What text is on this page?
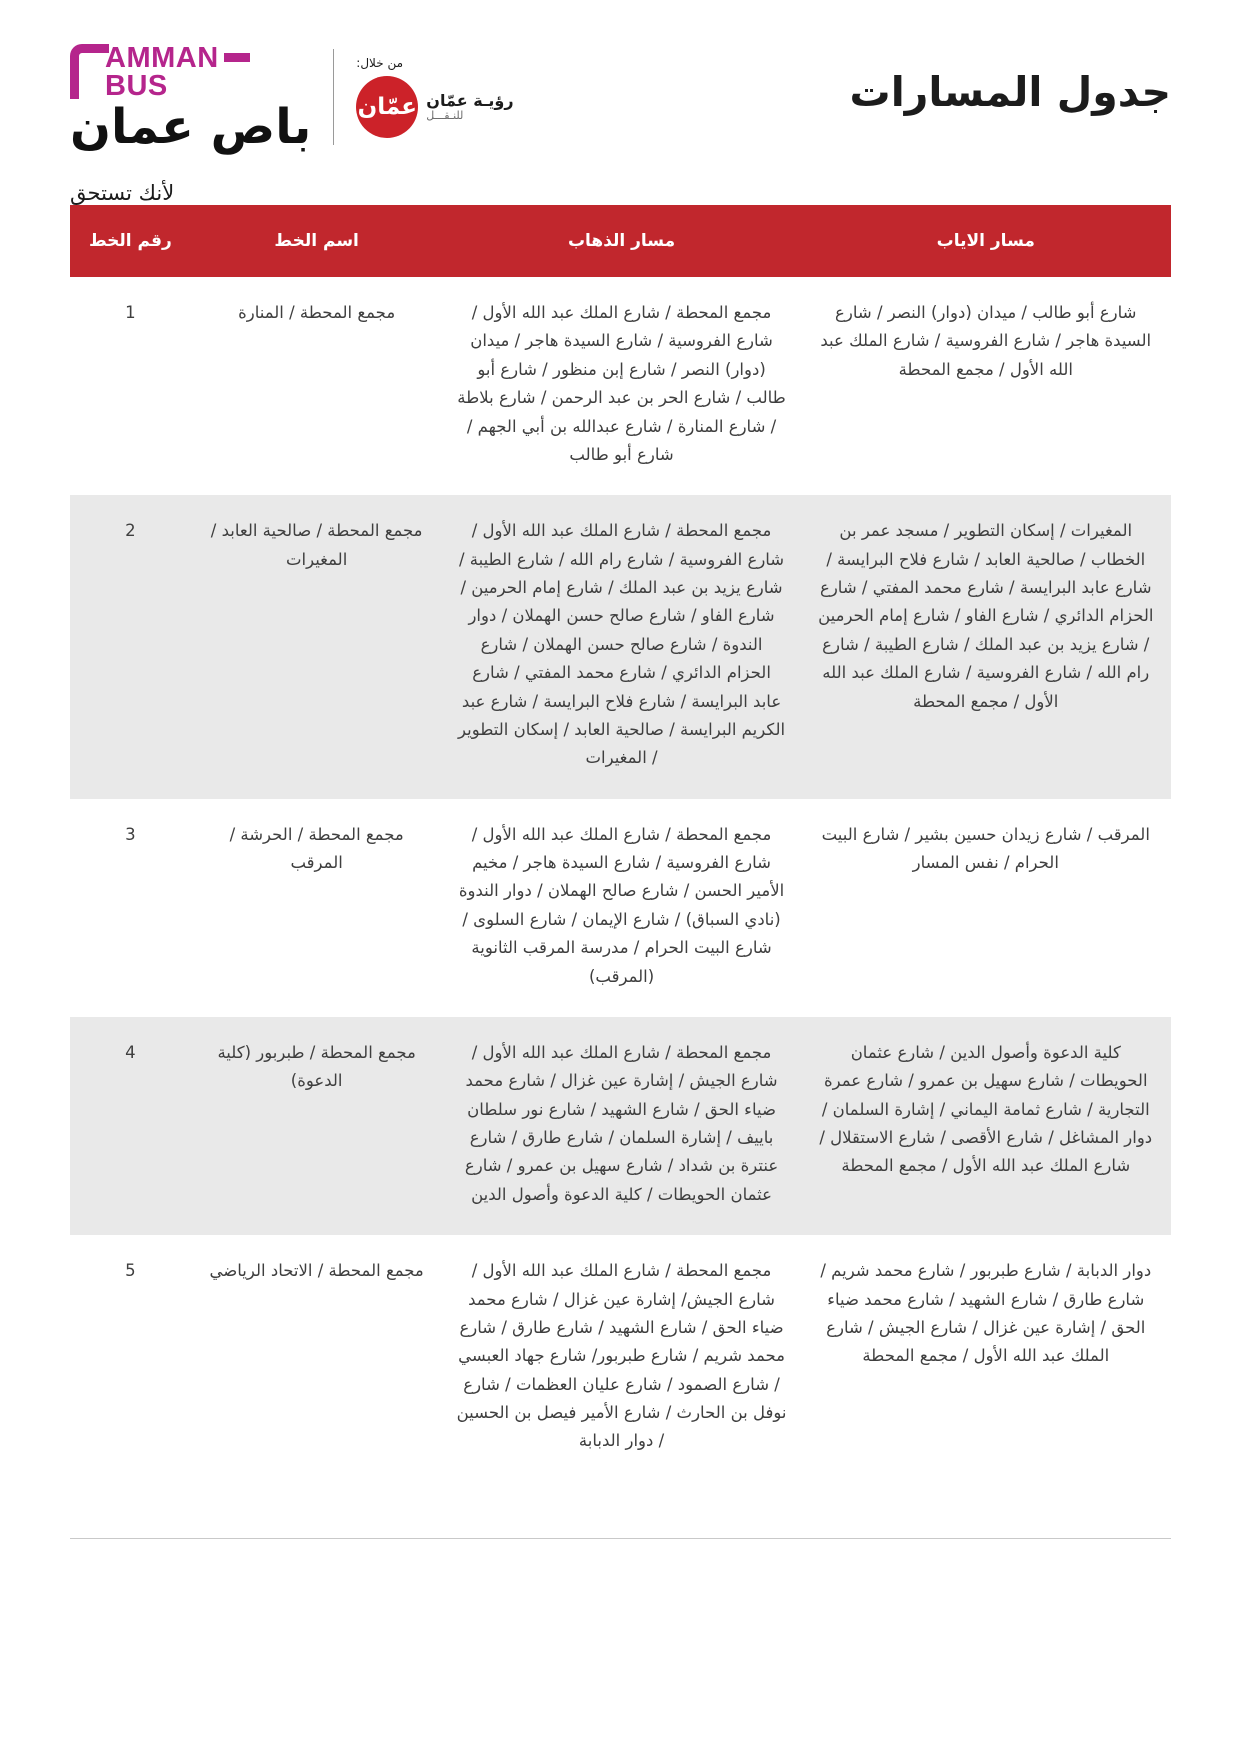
جدول المسارات
AMMAN
BUS
باص عمان
من خلال:
رؤيـة عمّان
للنـقـــل
عمّان
لأنك تستحق
مسار الاياب	مسار الذهاب	اسم الخط	رقم الخط
شارع أبو طالب / ميدان (دوار) النصر / شارع السيدة هاجر / شارع الفروسية / شارع الملك عبد الله الأول / مجمع المحطة	مجمع المحطة / شارع الملك عبد الله الأول / شارع الفروسية / شارع السيدة هاجر / ميدان (دوار) النصر / شارع إبن منظور / شارع أبو طالب / شارع الحر بن عبد الرحمن / شارع بلاطة / شارع المنارة / شارع عبدالله بن أبي الجهم / شارع أبو طالب	مجمع المحطة / المنارة	1
المغيرات / إسكان التطوير / مسجد عمر بن الخطاب / صالحية العابد / شارع فلاح البرايسة / شارع عابد البرايسة / شارع محمد المفتي / شارع الحزام الدائري / شارع الفاو / شارع إمام الحرمين / شارع يزيد بن عبد الملك / شارع الطيبة / شارع رام الله / شارع الفروسية / شارع الملك عبد الله الأول / مجمع المحطة	مجمع المحطة / شارع الملك عبد الله الأول / شارع الفروسية / شارع رام الله / شارع الطيبة / شارع يزيد بن عبد الملك / شارع إمام الحرمين / شارع الفاو / شارع صالح حسن الهملان / دوار الندوة / شارع صالح حسن الهملان / شارع الحزام الدائري / شارع محمد المفتي / شارع عابد البرايسة / شارع فلاح البرايسة / شارع عبد الكريم البرايسة / صالحية العابد / إسكان التطوير / المغيرات	مجمع المحطة / صالحية العابد / المغيرات	2
المرقب / شارع زيدان حسين بشير / شارع البيت الحرام / نفس المسار	مجمع المحطة / شارع الملك عبد الله الأول / شارع الفروسية / شارع السيدة هاجر / مخيم الأمير الحسن / شارع صالح الهملان / دوار الندوة (نادي السباق) / شارع الإيمان / شارع السلوى / شارع البيت الحرام / مدرسة المرقب الثانوية (المرقب)	مجمع المحطة / الحرشة / المرقب	3
كلية الدعوة وأصول الدين / شارع عثمان الحويطات / شارع سهيل بن عمرو / شارع عمرة التجارية / شارع ثمامة اليماني / إشارة السلمان / دوار المشاغل / شارع الأقصى / شارع الاستقلال / شارع الملك عبد الله الأول / مجمع المحطة	مجمع المحطة / شارع الملك عبد الله الأول / شارع الجيش / إشارة عين غزال / شارع محمد ضياء الحق / شارع الشهيد / شارع نور سلطان باييف / إشارة السلمان / شارع طارق / شارع عنترة بن شداد / شارع سهيل بن عمرو / شارع عثمان الحويطات / كلية الدعوة وأصول الدين	مجمع المحطة / طبربور (كلية الدعوة)	4
دوار الدبابة / شارع طبربور / شارع محمد شريم / شارع طارق / شارع الشهيد / شارع محمد ضياء الحق / إشارة عين غزال / شارع الجيش / شارع الملك عبد الله الأول / مجمع المحطة	مجمع المحطة / شارع الملك عبد الله الأول / شارع الجيش/ إشارة عين غزال / شارع محمد ضياء الحق / شارع الشهيد / شارع طارق / شارع محمد شريم / شارع طبربور/ شارع جهاد العبسي / شارع الصمود / شارع عليان العظمات / شارع نوفل بن الحارث / شارع الأمير فيصل بن الحسين / دوار الدبابة	مجمع المحطة / الاتحاد الرياضي	5
